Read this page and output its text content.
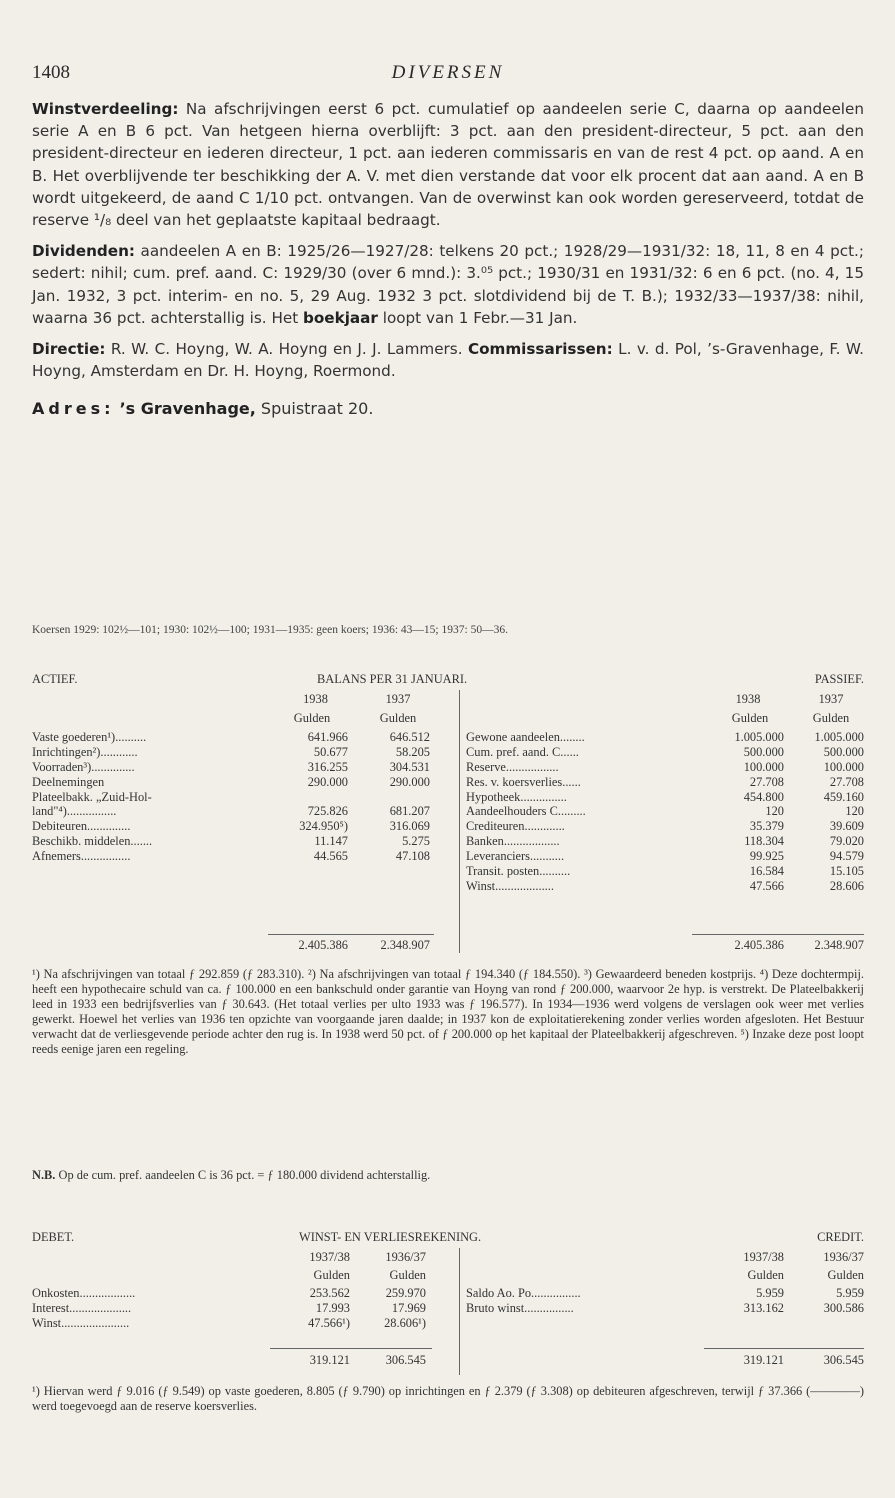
1408	DIVERSEN

Winstverdeeling: Na afschrijvingen eerst 6 pct. cumulatief op aandeelen serie C, daarna op aandeelen serie A en B 6 pct. Van hetgeen hierna overblijft: 3 pct. aan den president-directeur, 5 pct. aan den president-directeur en iederen directeur, 1 pct. aan iederen commissaris en van de rest 4 pct. op aand. A en B. Het overblijvende ter beschikking der A. V. met dien verstande dat voor elk procent dat aan aand. A en B wordt uitgekeerd, de aand C 1/10 pct. ontvangen. Van de overwinst kan ook worden gereserveerd, totdat de reserve ¹/₈ deel van het geplaatste kapitaal bedraagt.

Dividenden: aandeelen A en B: 1925/26—1927/28: telkens 20 pct.; 1928/29—1931/32: 18, 11, 8 en 4 pct.; sedert: nihil; cum. pref. aand. C: 1929/30 (over 6 mnd.): 3.⁰⁵ pct.; 1930/31 en 1931/32: 6 en 6 pct. (no. 4, 15 Jan. 1932, 3 pct. interim- en no. 5, 29 Aug. 1932 3 pct. slotdividend bij de T. B.); 1932/33—1937/38: nihil, waarna 36 pct. achterstallig is. Het boekjaar loopt van 1 Febr.—31 Jan.

Directie: R. W. C. Hoyng, W. A. Hoyng en J. J. Lammers. Commissarissen: L. v. d. Pol, ’s-Gravenhage, F. W. Hoyng, Amsterdam en Dr. H. Hoyng, Roermond.

Adres: ’s Gravenhage, Spuistraat 20.

Koersen 1929: 102½—101; 1930: 102½—100; 1931—1935: geen koers; 1936: 43—15; 1937: 50—36.
ACTIEF.	BALANS PER 31 JANUARI.	PASSIEF.
1938	1937
Gulden	Gulden
1938	1937
Gulden	Gulden
Vaste goederen¹)..........	641.966	646.512
Inrichtingen²)............	50.677	58.205
Voorraden³)..............	316.255	304.531
Deelnemingen	290.000	290.000
Plateelbakk. „Zuid-Hol-
land"⁴)................	725.826	681.207
Debiteuren..............	324.950⁵)	316.069
Beschikb. middelen.......	11.147	5.275
Afnemers................	44.565	47.108
Gewone aandeelen........	1.005.000	1.005.000
Cum. pref. aand. C......	500.000	500.000
Reserve.................	100.000	100.000
Res. v. koersverlies......	27.708	27.708
Hypotheek...............	454.800	459.160
Aandeelhouders C.........	120	120
Crediteuren.............	35.379	39.609
Banken..................	118.304	79.020
Leveranciers...........	99.925	94.579
Transit. posten..........	16.584	15.105
Winst...................	47.566	28.606
2.405.386	2.348.907	2.405.386	2.348.907
¹) Na afschrijvingen van totaal ƒ 292.859 (ƒ 283.310). ²) Na afschrijvingen van totaal ƒ 194.340 (ƒ 184.550). ³) Gewaardeerd beneden kostprijs. ⁴) Deze dochtermpij. heeft een hypothecaire schuld van ca. ƒ 100.000 en een bankschuld onder garantie van Hoyng van rond ƒ 200.000, waarvoor 2e hyp. is verstrekt. De Plateelbakkerij leed in 1933 een bedrijfsverlies van ƒ 30.643. (Het totaal verlies per ulto 1933 was ƒ 196.577). In 1934—1936 werd volgens de verslagen ook weer met verlies gewerkt. Hoewel het verlies van 1936 ten opzichte van voorgaande jaren daalde; in 1937 kon de exploitatierekening zonder verlies worden afgesloten. Het Bestuur verwacht dat de verliesgevende periode achter den rug is. In 1938 werd 50 pct. of ƒ 200.000 op het kapitaal der Plateelbakkerij afgeschreven. ⁵) Inzake deze post loopt reeds eenige jaren een regeling.
N.B. Op de cum. pref. aandeelen C is 36 pct. = ƒ 180.000 dividend achterstallig.
DEBET.	WINST- EN VERLIESREKENING.	CREDIT.
1937/38	1936/37
Gulden	Gulden
1937/38	1936/37
Gulden	Gulden
Onkosten..................	253.562	259.970
Interest....................	17.993	17.969
Winst......................	47.566¹)	28.606¹)
Saldo Ao. Po................	5.959	5.959
Bruto winst................	313.162	300.586
319.121	306.545	319.121	306.545
¹) Hiervan werd ƒ 9.016 (ƒ 9.549) op vaste goederen, 8.805 (ƒ 9.790) op inrichtingen en ƒ 2.379 (ƒ 3.308) op debiteuren afgeschreven, terwijl ƒ 37.366 (————) werd toegevoegd aan de reserve koersverlies.
